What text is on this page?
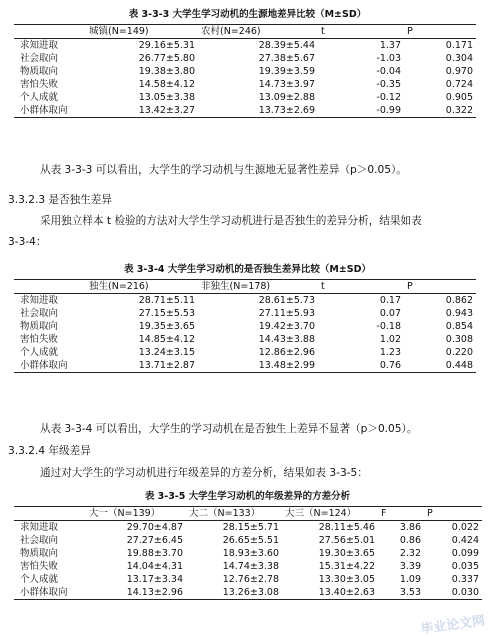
表 3-3-3 大学生学习动机的生源地差异比较（M±SD）
	城镇(N=149)	农村(N=246)	t	P
求知进取	29.16±5.31	28.39±5.44	1.37	0.171
社会取向	26.77±5.80	27.38±5.67	-1.03	0.304
物质取向	19.38±3.80	19.39±3.59	-0.04	0.970
害怕失败	14.58±4.12	14.73±3.97	-0.35	0.724
个人成就	13.05±3.38	13.09±2.88	-0.12	0.905
小群体取向	13.42±3.27	13.73±2.69	-0.99	0.322
从表 3-3-3 可以看出，大学生的学习动机与生源地无显著性差异（p＞0.05）。
3.3.2.3 是否独生差异
采用独立样本 t 检验的方法对大学生学习动机进行是否独生的差异分析，结果如表
3-3-4：
表 3-3-4 大学生学习动机的是否独生差异比较（M±SD）
	独生(N=216)	非独生(N=178)	t	P
求知进取	28.71±5.11	28.61±5.73	0.17	0.862
社会取向	27.15±5.53	27.11±5.93	0.07	0.943
物质取向	19.35±3.65	19.42±3.70	-0.18	0.854
害怕失败	14.85±4.12	14.43±3.88	1.02	0.308
个人成就	13.24±3.15	12.86±2.96	1.23	0.220
小群体取向	13.71±2.87	13.48±2.99	0.76	0.448
从表 3-3-4 可以看出，大学生的学习动机在是否独生上差异不显著（p＞0.05）。
3.3.2.4 年级差异
通过对大学生的学习动机进行年级差异的方差分析，结果如表 3-3-5：
表 3-3-5 大学生学习动机的年级差异的方差分析
	大一（N=139）	大二（N=133）	大三（N=124）	F	P
求知进取	29.70±4.87	28.15±5.71	28.11±5.46	3.86	0.022
社会取向	27.27±6.45	26.65±5.51	27.56±5.01	0.86	0.424
物质取向	19.88±3.70	18.93±3.60	19.30±3.65	2.32	0.099
害怕失败	14.04±4.31	14.74±3.38	15.31±4.22	3.39	0.035
个人成就	13.17±3.34	12.76±2.78	13.30±3.05	1.09	0.337
小群体取向	14.13±2.96	13.26±3.08	13.40±2.63	3.53	0.030
毕业论文网
